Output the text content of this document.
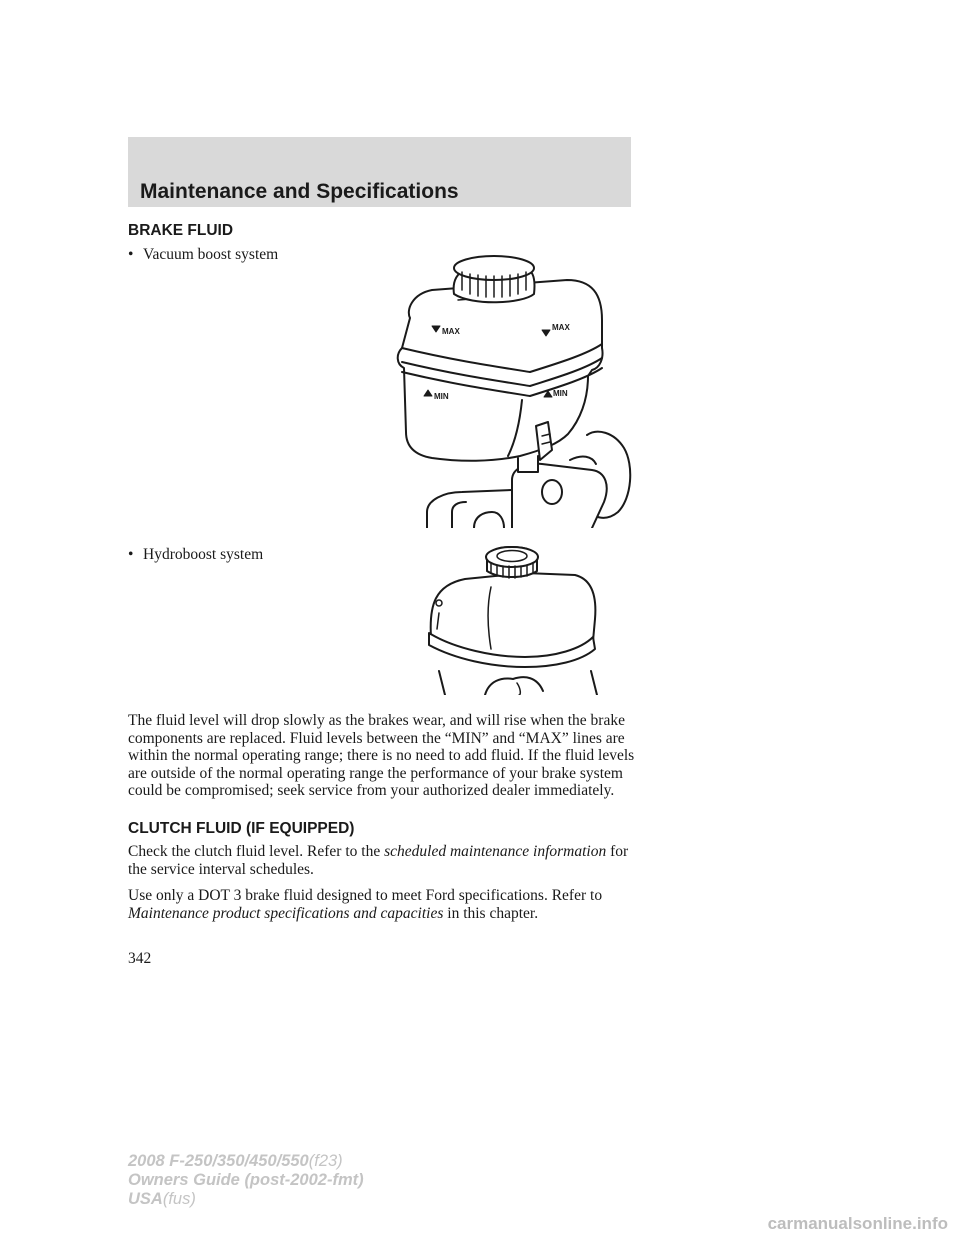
Maintenance and Specifications
BRAKE FLUID
• Vacuum boost system
MAX	MAX
MIN	MIN
• Hydroboost system

The fluid level will drop slowly as the brakes wear, and will rise when the brake components are replaced. Fluid levels between the “MIN” and “MAX” lines are within the normal operating range; there is no need to add fluid. If the fluid levels are outside of the normal operating range the performance of your brake system could be compromised; seek service from your authorized dealer immediately.

CLUTCH FLUID (IF EQUIPPED)

Check the clutch fluid level. Refer to the scheduled maintenance information for the service interval schedules.

Use only a DOT 3 brake fluid designed to meet Ford specifications. Refer to Maintenance product specifications and capacities in this chapter.

342
2008 F-250/350/450/550(f23)
Owners Guide (post-2002-fmt)
USA(fus)
carmanualsonline.info
